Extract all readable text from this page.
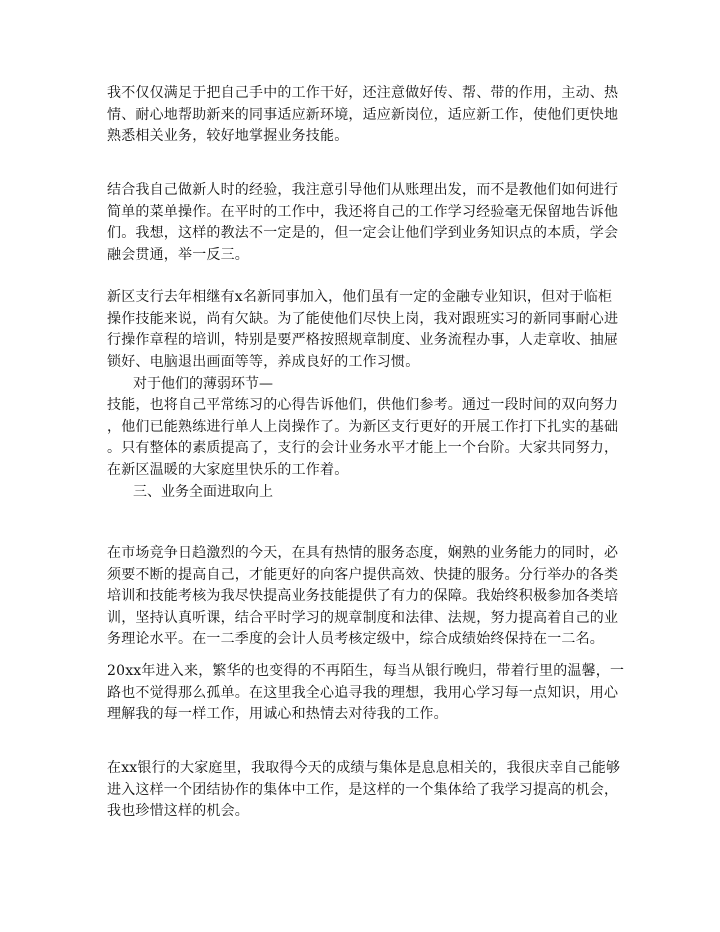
我不仅仅满足于把自己手中的工作干好，还注意做好传、帮、带的作用，主动、热
情、耐心地帮助新来的同事适应新环境，适应新岗位，适应新工作，使他们更快地
熟悉相关业务，较好地掌握业务技能。
结合我自己做新人时的经验，我注意引导他们从账理出发，而不是教他们如何进行
简单的菜单操作。在平时的工作中，我还将自己的工作学习经验毫无保留地告诉他
们。我想，这样的教法不一定是的，但一定会让他们学到业务知识点的本质，学会
融会贯通，举一反三。
新区支行去年相继有x名新同事加入，他们虽有一定的金融专业知识，但对于临柜
操作技能来说，尚有欠缺。为了能使他们尽快上岗，我对跟班实习的新同事耐心进
行操作章程的培训，特别是要严格按照规章制度、业务流程办事，人走章收、抽屉
锁好、电脑退出画面等等，养成良好的工作习惯。

对于他们的薄弱环节—

技能，也将自己平常练习的心得告诉他们，供他们参考。通过一段时间的双向努力
，他们已能熟练进行单人上岗操作了。为新区支行更好的开展工作打下扎实的基础
。只有整体的素质提高了，支行的会计业务水平才能上一个台阶。大家共同努力，
在新区温暖的大家庭里快乐的工作着。

三、业务全面进取向上

在市场竞争日趋激烈的今天，在具有热情的服务态度，娴熟的业务能力的同时，必
须要不断的提高自己，才能更好的向客户提供高效、快捷的服务。分行举办的各类
培训和技能考核为我尽快提高业务技能提供了有力的保障。我始终积极参加各类培
训，坚持认真听课，结合平时学习的规章制度和法律、法规，努力提高着自己的业
务理论水平。在一二季度的会计人员考核定级中，综合成绩始终保持在一二名。
20xx年进入来，繁华的也变得的不再陌生，每当从银行晚归，带着行里的温馨，一
路也不觉得那么孤单。在这里我全心追寻我的理想，我用心学习每一点知识，用心
理解我的每一样工作，用诚心和热情去对待我的工作。
在xx银行的大家庭里，我取得今天的成绩与集体是息息相关的，我很庆幸自己能够
进入这样一个团结协作的集体中工作，是这样的一个集体给了我学习提高的机会，
我也珍惜这样的机会。
